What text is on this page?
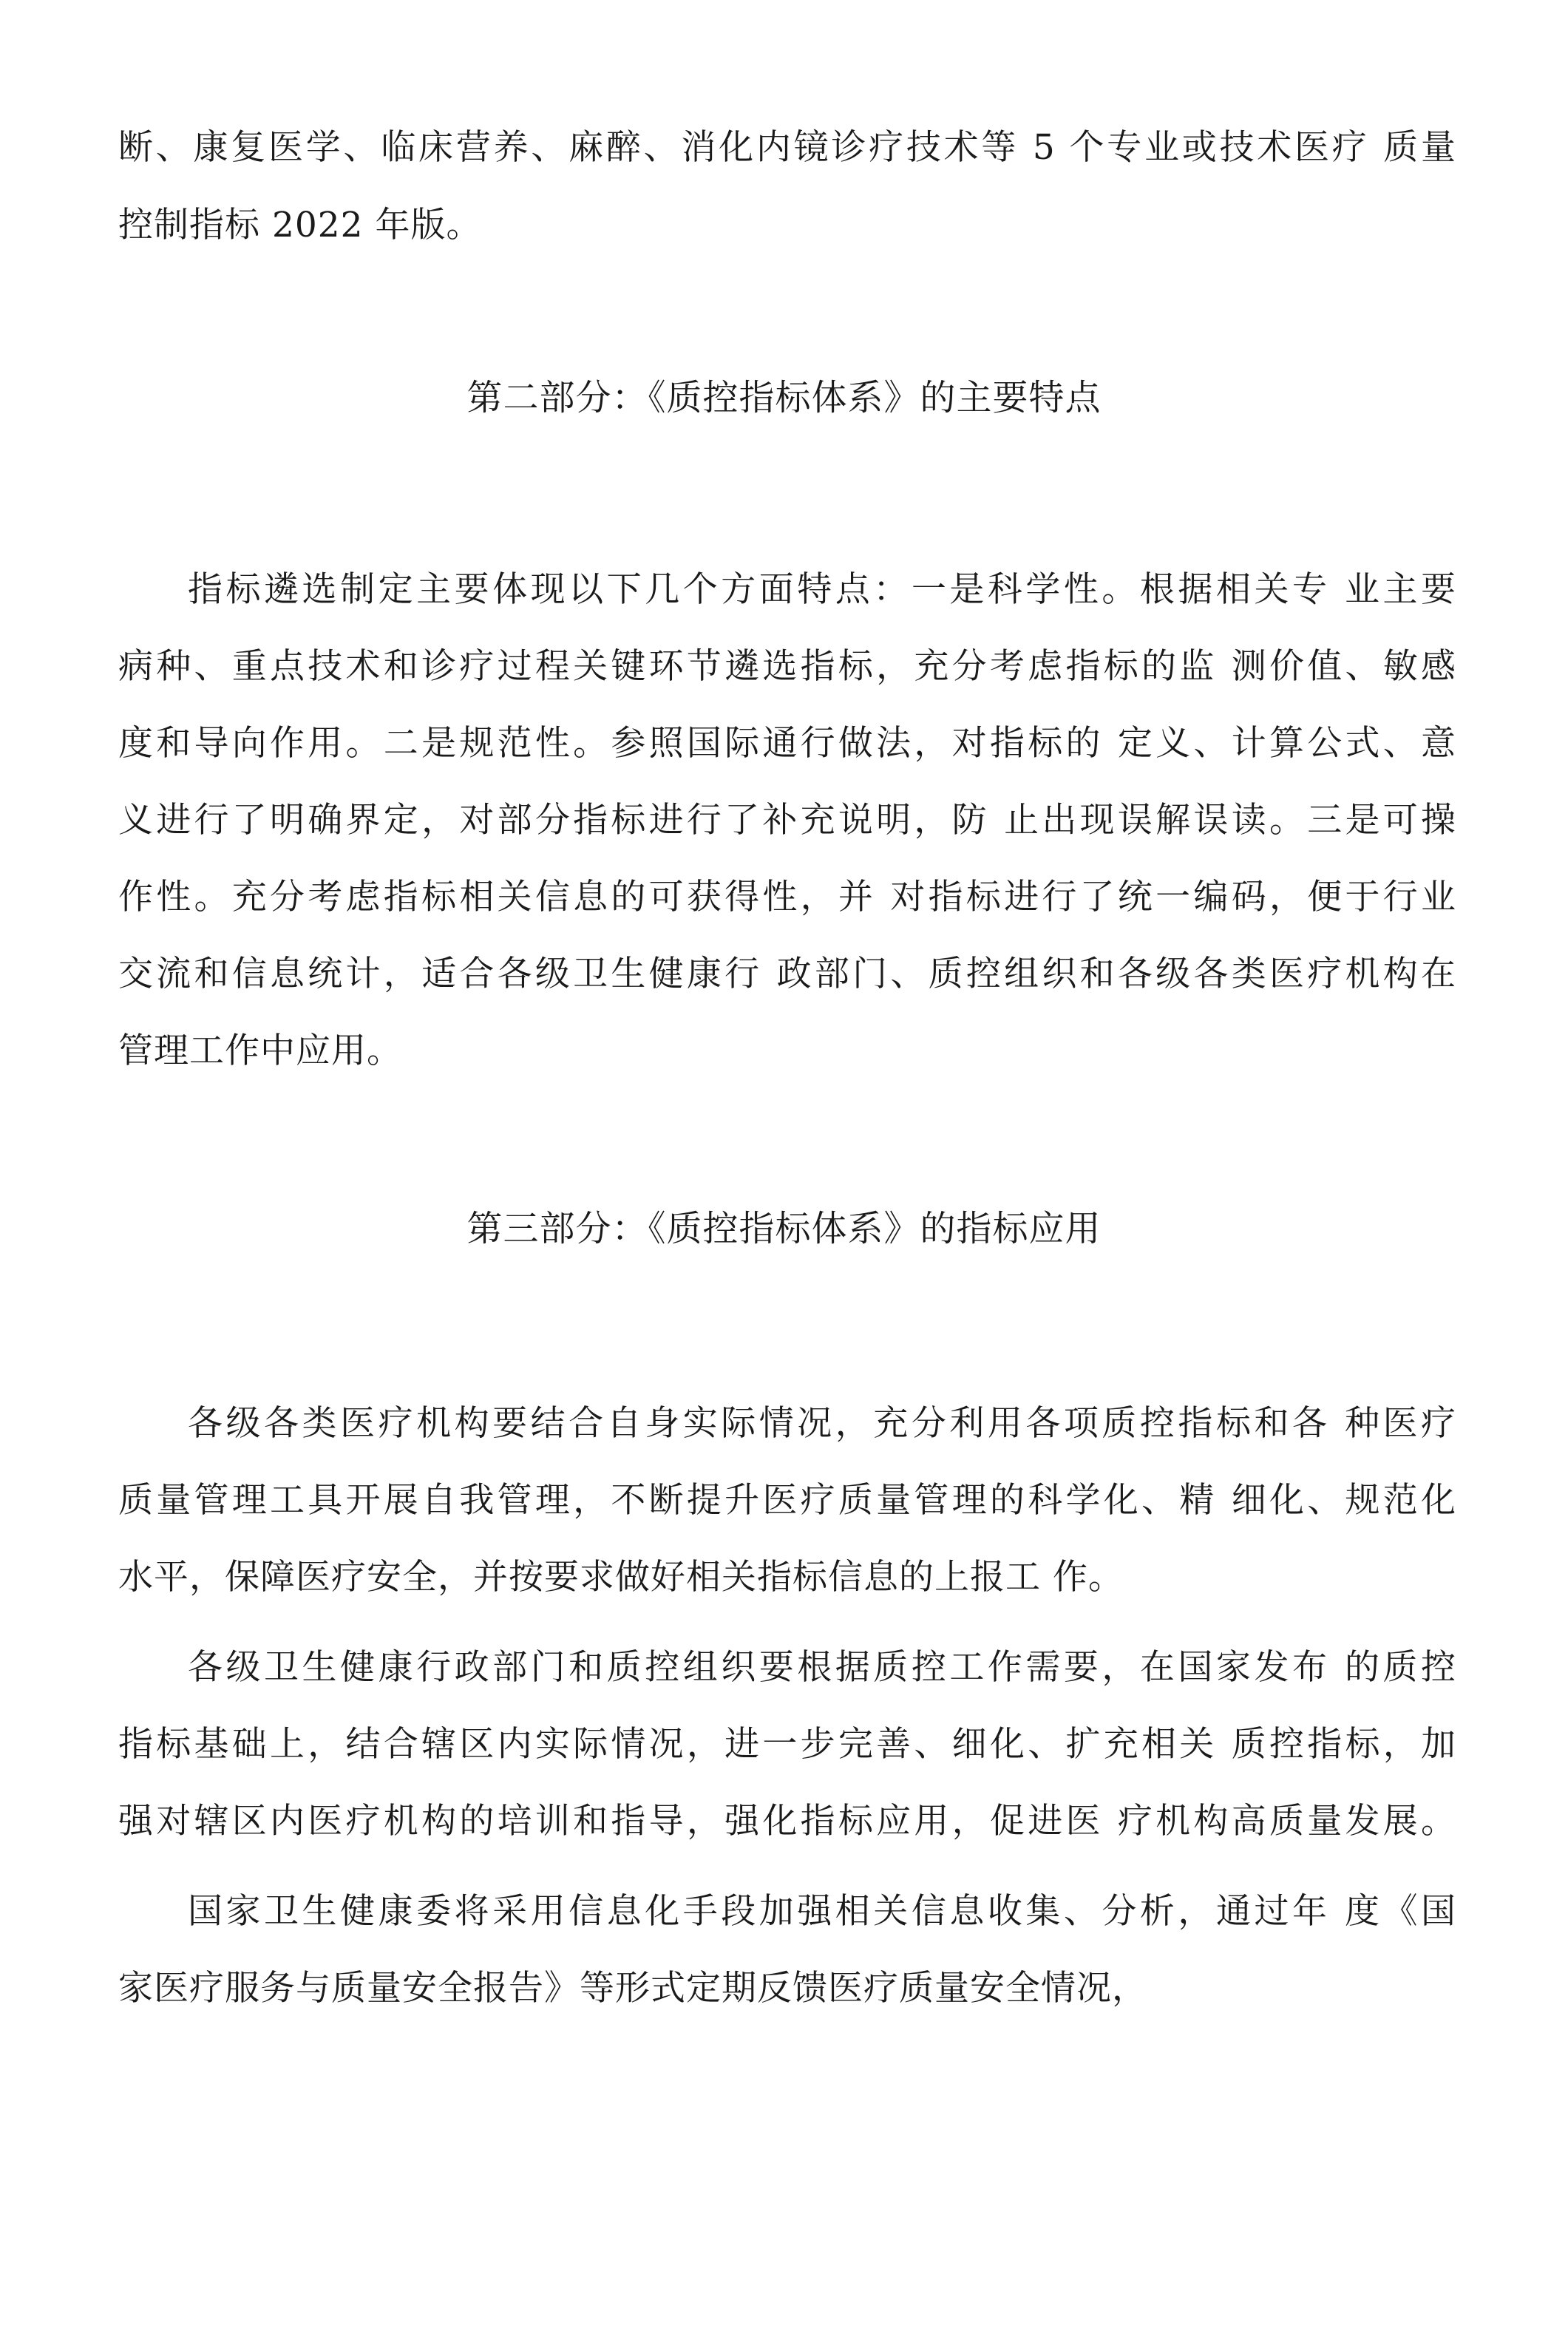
断、康复医学、临床营养、麻醉、消化内镜诊疗技术等 5 个专业或技术医疗 质量
控制指标 2022 年版。
第二部分：《质控指标体系》的主要特点
指标遴选制定主要体现以下几个方面特点：一是科学性。根据相关专 业主要
病种、重点技术和诊疗过程关键环节遴选指标，充分考虑指标的监 测价值、敏感
度和导向作用。二是规范性。参照国际通行做法，对指标的 定义、计算公式、意
义进行了明确界定，对部分指标进行了补充说明，防 止出现误解误读。三是可操
作性。充分考虑指标相关信息的可获得性，并 对指标进行了统一编码，便于行业
交流和信息统计，适合各级卫生健康行 政部门、质控组织和各级各类医疗机构在
管理工作中应用。
第三部分：《质控指标体系》的指标应用
各级各类医疗机构要结合自身实际情况，充分利用各项质控指标和各 种医疗
质量管理工具开展自我管理，不断提升医疗质量管理的科学化、精 细化、规范化
水平，保障医疗安全，并按要求做好相关指标信息的上报工 作。
各级卫生健康行政部门和质控组织要根据质控工作需要，在国家发布 的质控
指标基础上，结合辖区内实际情况，进一步完善、细化、扩充相关 质控指标，加
强对辖区内医疗机构的培训和指导，强化指标应用，促进医 疗机构高质量发展。
国家卫生健康委将采用信息化手段加强相关信息收集、分析，通过年 度《国
家医疗服务与质量安全报告》等形式定期反馈医疗质量安全情况，
